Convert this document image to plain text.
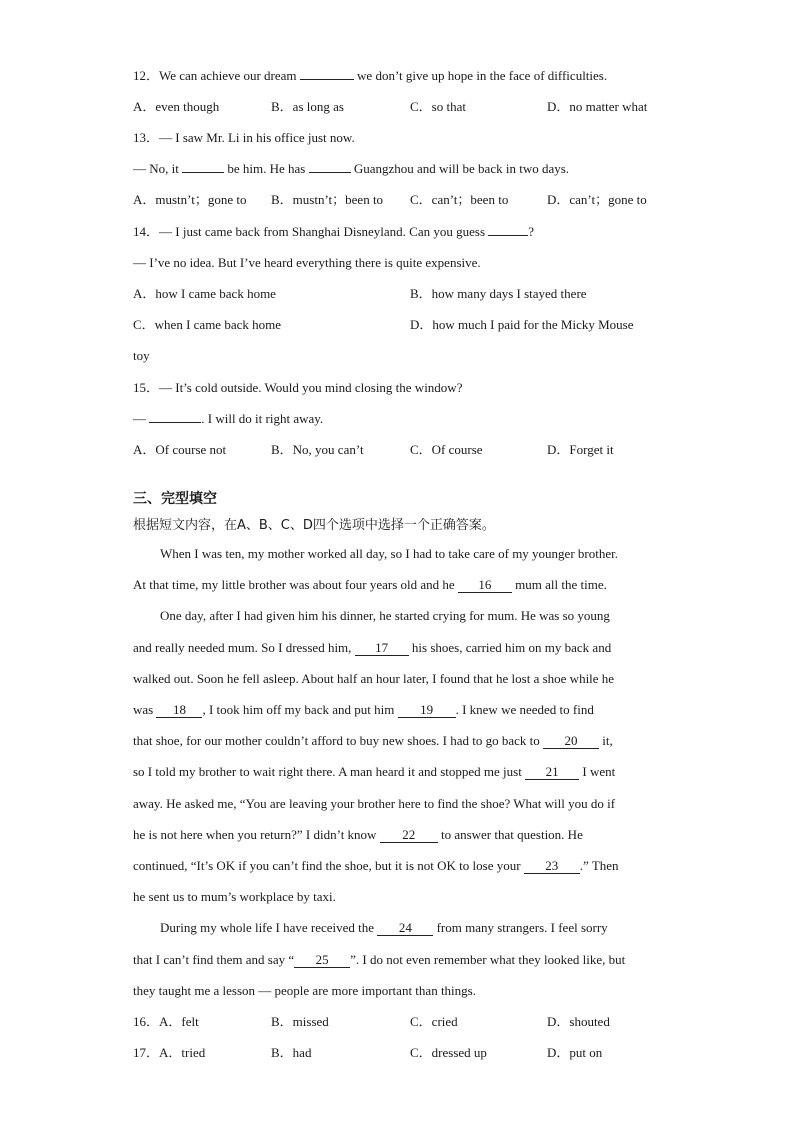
12．We can achieve our dream	we don’t give up hope in the face of difficulties.
A．even though	B．as long as	C．so that	D．no matter what
13．— I saw Mr. Li in his office just now.
— No, it	be him. He has	Guangzhou and will be back in two days.
A．mustn’t；gone to B．mustn’t；been to C．can’t；been to	D．can’t；gone to
14．— I just came back from Shanghai Disneyland. Can you guess	?
— I’ve no idea. But I’ve heard everything there is quite expensive.
A．how I came back home	B．how many days I stayed there
C．when I came back home	D．how much I paid for the Micky Mouse
toy
15．— It’s cold outside. Would you mind closing the window?
—	. I will do it right away.
A．Of course not	B．No, you can’t	C．Of course	D．Forget it
三、完型填空
根据短文内容，在A、B、C、D四个选项中选择一个正确答案。
When I was ten, my mother worked all day, so I had to take care of my younger brother.
At that time, my little brother was about four years old and he 16 mum all the time.
One day, after I had given him his dinner, he started crying for mum. He was so young
and really needed mum. So I dressed him, 17 his shoes, carried him on my back and
walked out. Soon he fell asleep. About half an hour later, I found that he lost a shoe while he
was 18 , I took him off my back and put him 19 . I knew we needed to find
that shoe, for our mother couldn’t afford to buy new shoes. I had to go back to 20 it,
so I told my brother to wait right there. A man heard it and stopped me just 21 I went
away. He asked me, “You are leaving your brother here to find the shoe? What will you do if
he is not here when you return?” I didn’t know 22 to answer that question. He
continued, “It’s OK if you can’t find the shoe, but it is not OK to lose your 23 .” Then
he sent us to mum’s workplace by taxi.
During my whole life I have received the 24 from many strangers. I feel sorry
that I can’t find them and say “ 25 ”. I do not even remember what they looked like, but
they taught me a lesson — people are more important than things.
16．A．felt	B．missed	C．cried	D．shouted
17．A．tried	B．had	C．dressed up	D．put on
